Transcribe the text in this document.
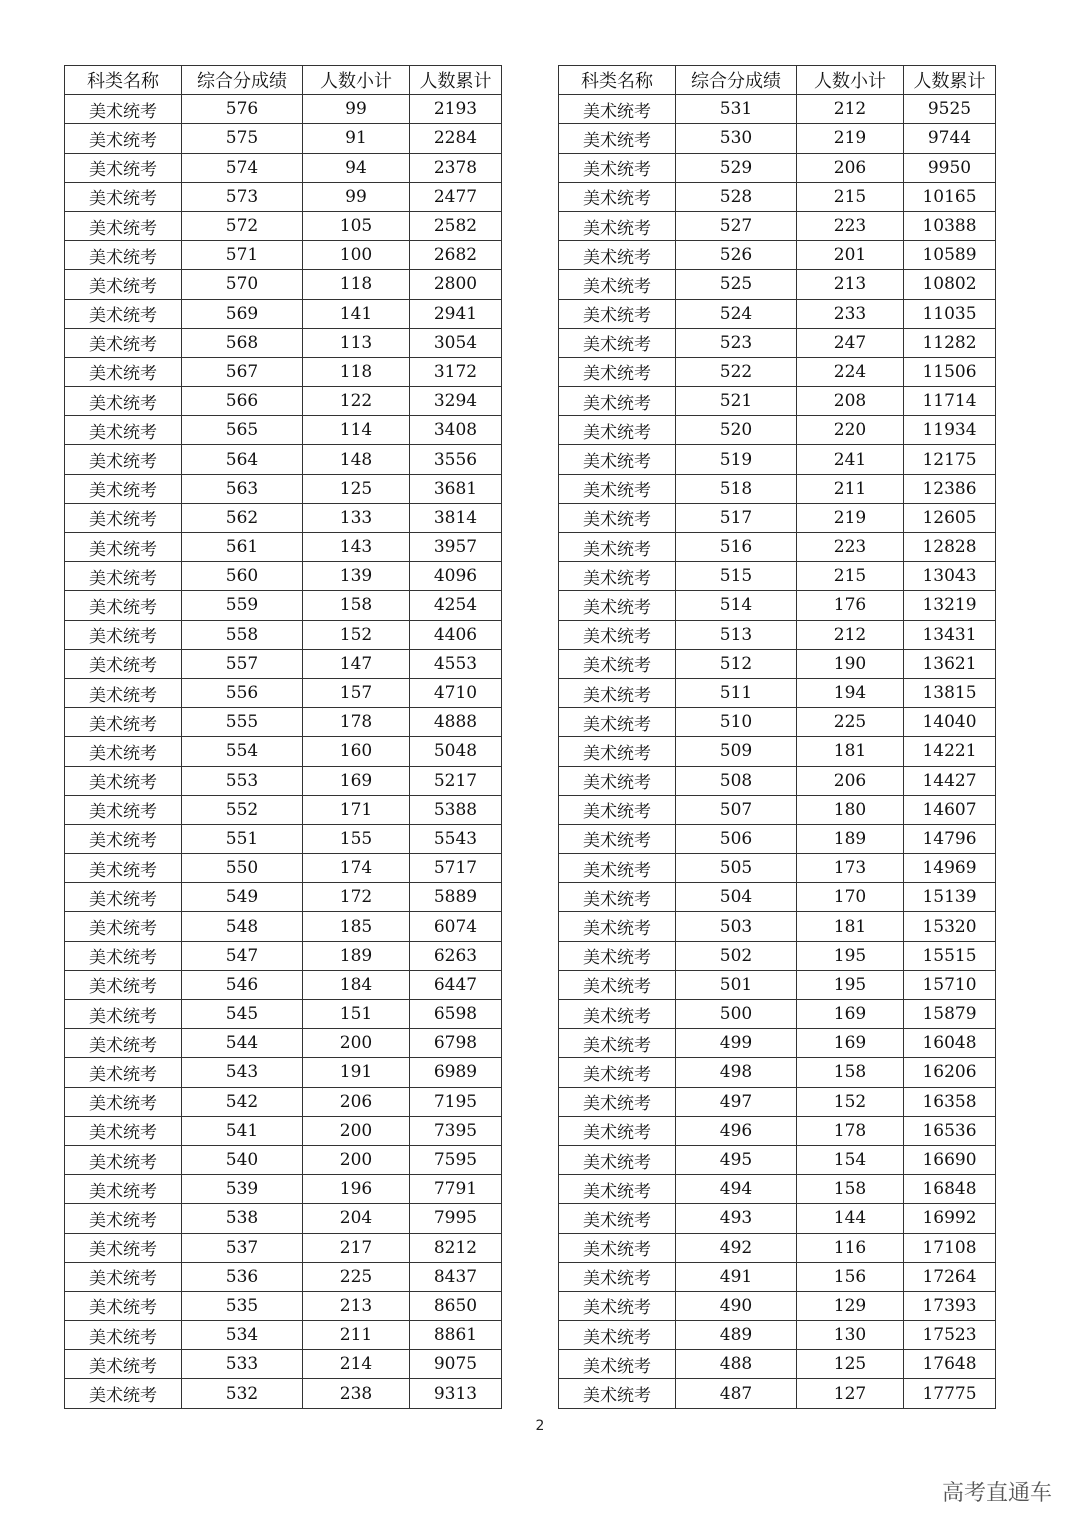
科类名称	综合分成绩	人数小计	人数累计
美术统考	576	99	2193
美术统考	575	91	2284
美术统考	574	94	2378
美术统考	573	99	2477
美术统考	572	105	2582
美术统考	571	100	2682
美术统考	570	118	2800
美术统考	569	141	2941
美术统考	568	113	3054
美术统考	567	118	3172
美术统考	566	122	3294
美术统考	565	114	3408
美术统考	564	148	3556
美术统考	563	125	3681
美术统考	562	133	3814
美术统考	561	143	3957
美术统考	560	139	4096
美术统考	559	158	4254
美术统考	558	152	4406
美术统考	557	147	4553
美术统考	556	157	4710
美术统考	555	178	4888
美术统考	554	160	5048
美术统考	553	169	5217
美术统考	552	171	5388
美术统考	551	155	5543
美术统考	550	174	5717
美术统考	549	172	5889
美术统考	548	185	6074
美术统考	547	189	6263
美术统考	546	184	6447
美术统考	545	151	6598
美术统考	544	200	6798
美术统考	543	191	6989
美术统考	542	206	7195
美术统考	541	200	7395
美术统考	540	200	7595
美术统考	539	196	7791
美术统考	538	204	7995
美术统考	537	217	8212
美术统考	536	225	8437
美术统考	535	213	8650
美术统考	534	211	8861
美术统考	533	214	9075
美术统考	532	238	9313
科类名称	综合分成绩	人数小计	人数累计
美术统考	531	212	9525
美术统考	530	219	9744
美术统考	529	206	9950
美术统考	528	215	10165
美术统考	527	223	10388
美术统考	526	201	10589
美术统考	525	213	10802
美术统考	524	233	11035
美术统考	523	247	11282
美术统考	522	224	11506
美术统考	521	208	11714
美术统考	520	220	11934
美术统考	519	241	12175
美术统考	518	211	12386
美术统考	517	219	12605
美术统考	516	223	12828
美术统考	515	215	13043
美术统考	514	176	13219
美术统考	513	212	13431
美术统考	512	190	13621
美术统考	511	194	13815
美术统考	510	225	14040
美术统考	509	181	14221
美术统考	508	206	14427
美术统考	507	180	14607
美术统考	506	189	14796
美术统考	505	173	14969
美术统考	504	170	15139
美术统考	503	181	15320
美术统考	502	195	15515
美术统考	501	195	15710
美术统考	500	169	15879
美术统考	499	169	16048
美术统考	498	158	16206
美术统考	497	152	16358
美术统考	496	178	16536
美术统考	495	154	16690
美术统考	494	158	16848
美术统考	493	144	16992
美术统考	492	116	17108
美术统考	491	156	17264
美术统考	490	129	17393
美术统考	489	130	17523
美术统考	488	125	17648
美术统考	487	127	17775
2
高考直通车
